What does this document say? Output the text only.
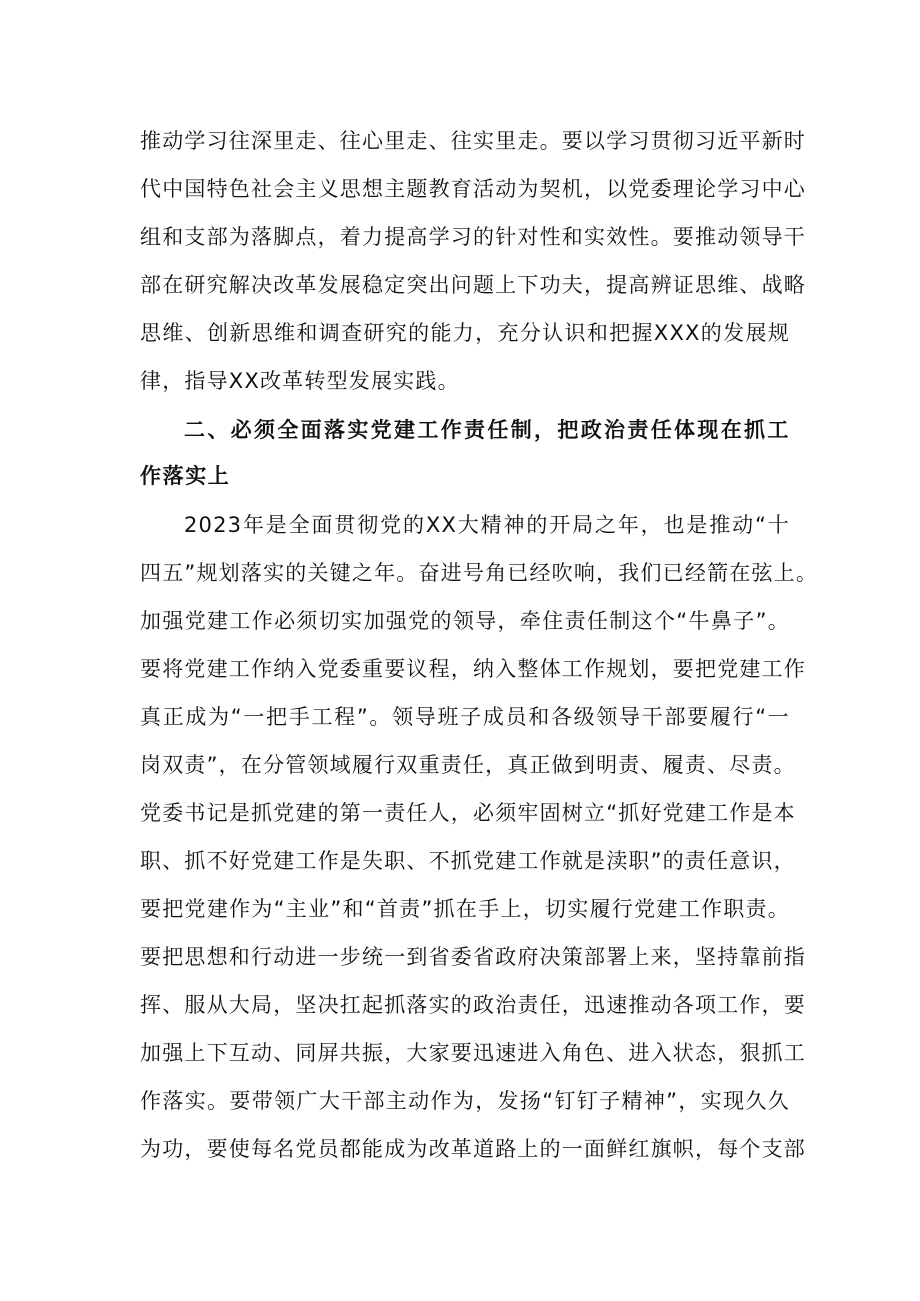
推动学习往深里走、往心里走、往实里走。要以学习贯彻习近平新时
代中国特色社会主义思想主题教育活动为契机，以党委理论学习中心
组和支部为落脚点，着力提高学习的针对性和实效性。要推动领导干
部在研究解决改革发展稳定突出问题上下功夫，提高辨证思维、战略
思维、创新思维和调查研究的能力，充分认识和把握XXX的发展规
律，指导XX改革转型发展实践。
二、必须全面落实党建工作责任制，把政治责任体现在抓工
作落实上
2023年是全面贯彻党的XX大精神的开局之年，也是推动“十
四五”规划落实的关键之年。奋进号角已经吹响，我们已经箭在弦上。
加强党建工作必须切实加强党的领导，牵住责任制这个“牛鼻子”。
要将党建工作纳入党委重要议程，纳入整体工作规划，要把党建工作
真正成为“一把手工程”。领导班子成员和各级领导干部要履行“一
岗双责”，在分管领域履行双重责任，真正做到明责、履责、尽责。
党委书记是抓党建的第一责任人，必须牢固树立“抓好党建工作是本
职、抓不好党建工作是失职、不抓党建工作就是渎职”的责任意识，
要把党建作为“主业”和“首责”抓在手上，切实履行党建工作职责。
要把思想和行动进一步统一到省委省政府决策部署上来，坚持靠前指
挥、服从大局，坚决扛起抓落实的政治责任，迅速推动各项工作，要
加强上下互动、同屏共振，大家要迅速进入角色、进入状态，狠抓工
作落实。要带领广大干部主动作为，发扬“钉钉子精神”，实现久久
为功，要使每名党员都能成为改革道路上的一面鲜红旗帜，每个支部
